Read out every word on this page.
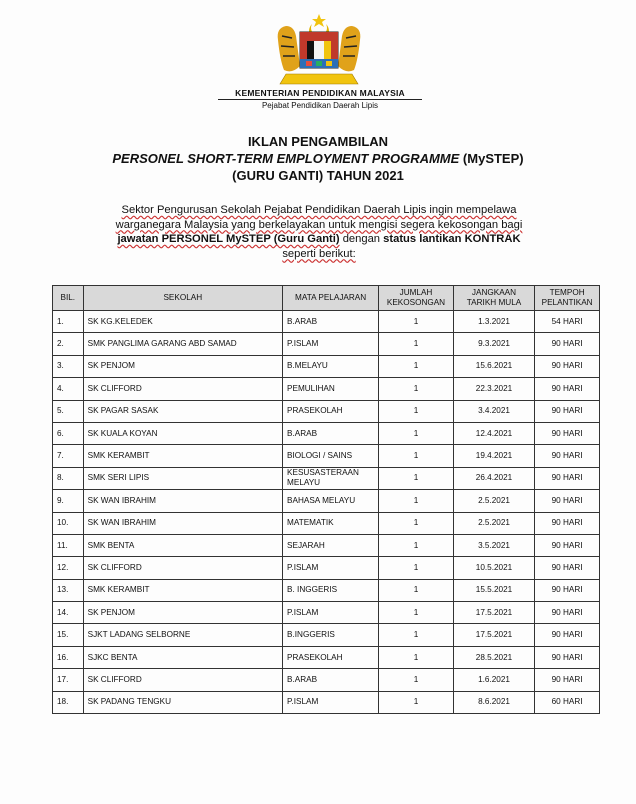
KEMENTERIAN PENDIDIKAN MALAYSIA
Pejabat Pendidikan Daerah Lipis
IKLAN PENGAMBILAN
PERSONEL SHORT-TERM EMPLOYMENT PROGRAMME (MySTEP)
(GURU GANTI) TAHUN 2021
Sektor Pengurusan Sekolah Pejabat Pendidikan Daerah Lipis ingin mempelawa
warganegara Malaysia yang berkelayakan untuk mengisi segera kekosongan bagi
jawatan PERSONEL MySTEP (Guru Ganti) dengan status lantikan KONTRAK
seperti berikut:
BIL.	SEKOLAH	MATA PELAJARAN	JUMLAH KEKOSONGAN	JANGKAAN TARIKH MULA	TEMPOH PELANTIKAN
1.	SK KG.KELEDEK	B.ARAB	1	1.3.2021	54 HARI
2.	SMK PANGLIMA GARANG ABD SAMAD	P.ISLAM	1	9.3.2021	90 HARI
3.	SK PENJOM	B.MELAYU	1	15.6.2021	90 HARI
4.	SK CLIFFORD	PEMULIHAN	1	22.3.2021	90 HARI
5.	SK PAGAR SASAK	PRASEKOLAH	1	3.4.2021	90 HARI
6.	SK KUALA KOYAN	B.ARAB	1	12.4.2021	90 HARI
7.	SMK KERAMBIT	BIOLOGI / SAINS	1	19.4.2021	90 HARI
8.	SMK SERI LIPIS	KESUSASTERAAN MELAYU	1	26.4.2021	90 HARI
9.	SK WAN IBRAHIM	BAHASA MELAYU	1	2.5.2021	90 HARI
10.	SK WAN IBRAHIM	MATEMATIK	1	2.5.2021	90 HARI
11.	SMK BENTA	SEJARAH	1	3.5.2021	90 HARI
12.	SK CLIFFORD	P.ISLAM	1	10.5.2021	90 HARI
13.	SMK KERAMBIT	B. INGGERIS	1	15.5.2021	90 HARI
14.	SK PENJOM	P.ISLAM	1	17.5.2021	90 HARI
15.	SJKT LADANG SELBORNE	B.INGGERIS	1	17.5.2021	90 HARI
16.	SJKC BENTA	PRASEKOLAH	1	28.5.2021	90 HARI
17.	SK CLIFFORD	B.ARAB	1	1.6.2021	90 HARI
18.	SK PADANG TENGKU	P.ISLAM	1	8.6.2021	60 HARI
